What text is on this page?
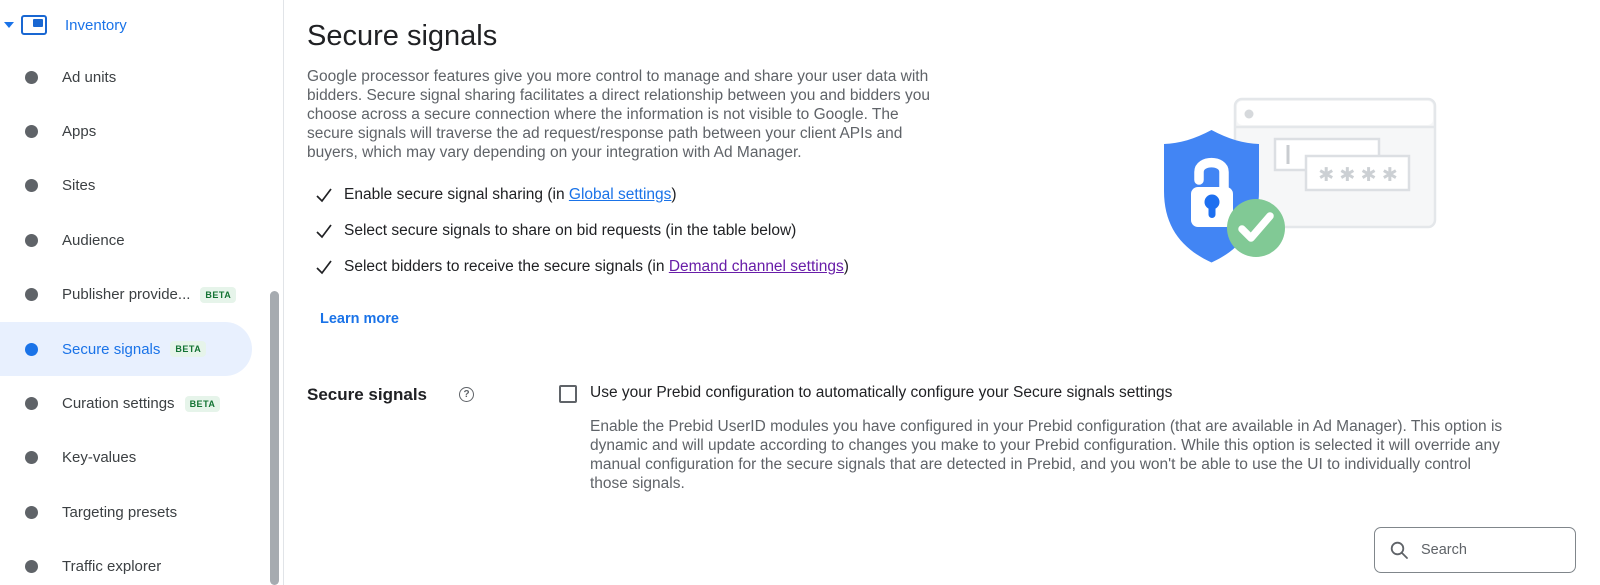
Inventory
Ad units
Apps
Sites
Audience
Publisher provide...	BETA
Secure signals	BETA
Curation settings	BETA
Key-values
Targeting presets
Traffic explorer
Secure signals

Google processor features give you more control to manage and share your user data with bidders. Secure signal sharing facilitates a direct relationship between you and bidders you choose across a secure connection where the information is not visible to Google. The secure signals will traverse the ad request/response path between your client APIs and buyers, which may vary depending on your integration with Ad Manager.

Enable secure signal sharing (in Global settings)
Select secure signals to share on bid requests (in the table below)
Select bidders to receive the secure signals (in Demand channel settings)
Learn more
Secure signals	?	Use your Prebid configuration to automatically configure your Secure signals settings

Enable the Prebid UserID modules you have configured in your Prebid configuration (that are available in Ad Manager). This option is dynamic and will update according to changes you make to your Prebid configuration. While this option is selected it will override any manual configuration for the secure signals that are detected in Prebid, and you won't be able to use the UI to individually control those signals.

✱ ✱ ✱ ✱
Search
